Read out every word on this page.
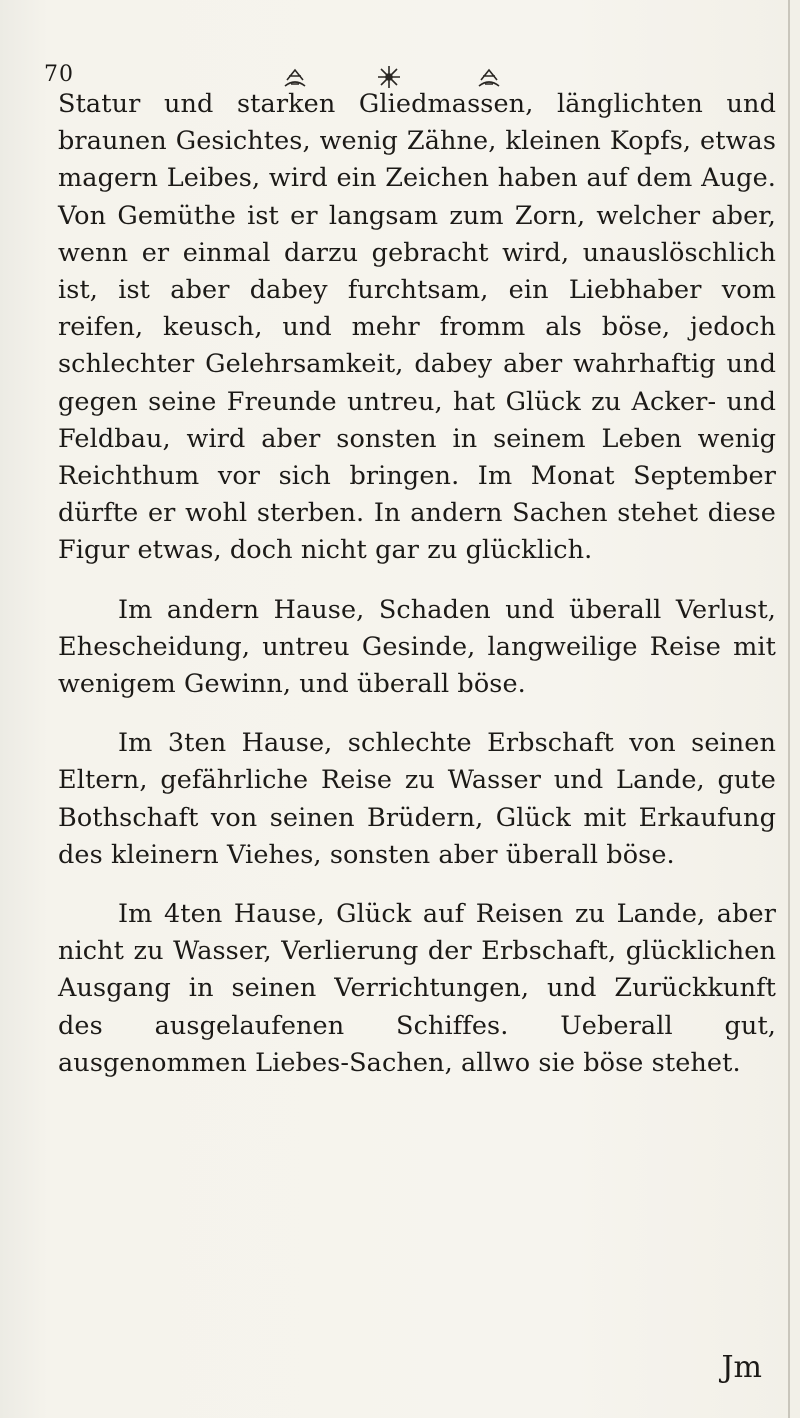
70

Statur und starken Gliedmassen, länglichten und braunen Gesichtes, wenig Zähne, kleinen Kopfs, etwas magern Leibes, wird ein Zeichen haben auf dem Auge. Von Gemüthe ist er langsam zum Zorn, welcher aber, wenn er einmal darzu gebracht wird, unauslöschlich ist, ist aber dabey furchtsam, ein Liebhaber vom reifen, keusch, und mehr fromm als böse, jedoch schlechter Gelehrsamkeit, dabey aber wahrhaftig und gegen seine Freunde untreu, hat Glück zu Acker- und Feldbau, wird aber sonsten in seinem Leben wenig Reichthum vor sich bringen. Im Monat September dürfte er wohl sterben. In andern Sachen stehet diese Figur etwas, doch nicht gar zu glücklich.

Im andern Hause, Schaden und überall Verlust, Ehescheidung, untreu Gesinde, langweilige Reise mit wenigem Gewinn, und überall böse.

Im 3ten Hause, schlechte Erbschaft von seinen Eltern, gefährliche Reise zu Wasser und Lande, gute Bothschaft von seinen Brüdern, Glück mit Erkaufung des kleinern Viehes, sonsten aber überall böse.

Im 4ten Hause, Glück auf Reisen zu Lande, aber nicht zu Wasser, Verlierung der Erbschaft, glücklichen Ausgang in seinen Verrichtungen, und Zurückkunft des ausgelaufenen Schiffes. Ueberall gut, ausgenommen Liebes-Sachen, allwo sie böse stehet.

Jm
